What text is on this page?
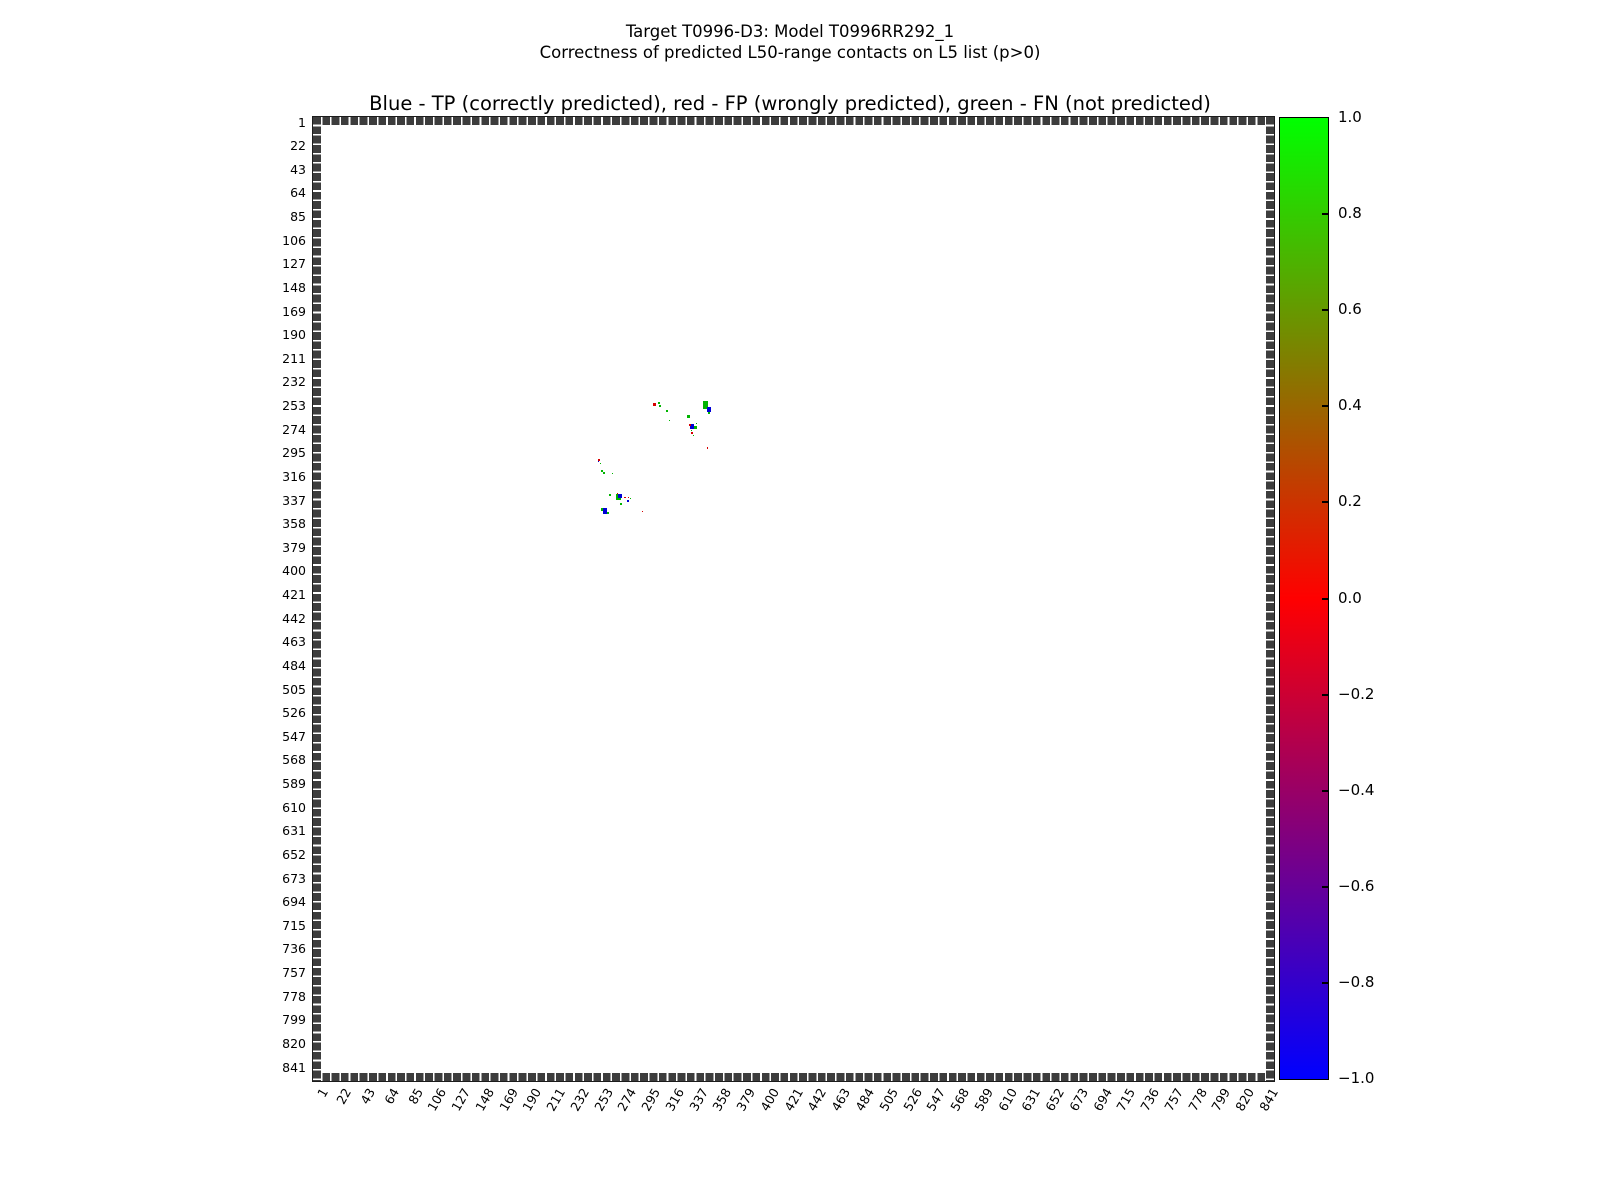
Target T0996-D3: Model T0996RR292_1
Correctness of predicted L50-range contacts on L5 list (p>0)
Blue - TP (correctly predicted), red - FP (wrongly predicted), green - FN (not predicted)
1
22
43
64
85
106
127
148
169
190
211
232
253
274
295
316
337
358
379
400
421
442
463
484
505
526
547
568
589
610
631
652
673
694
715
736
757
778
799
820
841
1 22 43 64 85
106
127
148
169
190
211
232
253
274
295
316
337
358
379
400
421
442
463
484
505
526
547
568
589
610
631
652
673
694
715
736
757
778
799
820
841
1.0
0.8
0.6
0.4
0.2
0.0
−0.2
−0.4
−0.6
−0.8
−1.0
